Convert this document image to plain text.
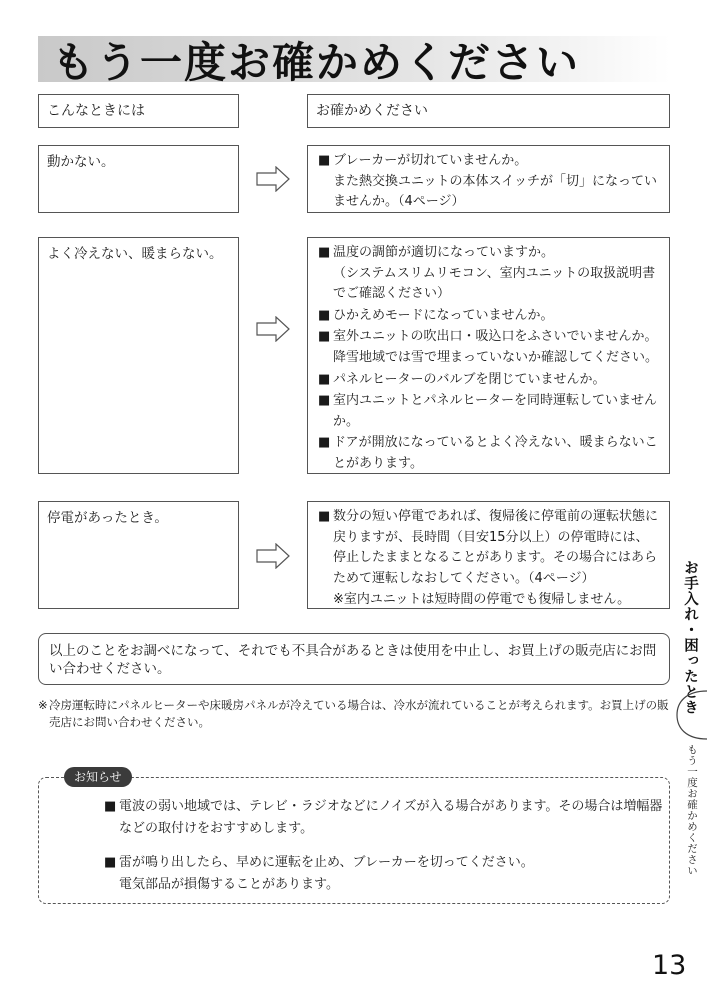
もう一度お確かめください
こんなときには	お確かめください
動かない。	■ ブレーカーが切れていませんか。
また熱交換ユニットの本体スイッチが「切」になっていませんか。（4ページ）
よく冷えない、暖まらない。	■ 温度の調節が適切になっていますか。
（システムスリムリモコン、室内ユニットの取扱説明書でご確認ください）
■ ひかえめモードになっていませんか。
■ 室外ユニットの吹出口・吸込口をふさいでいませんか。降雪地域では雪で埋まっていないか確認してください。
■ パネルヒーターのバルブを閉じていませんか。
■ 室内ユニットとパネルヒーターを同時運転していませんか。
■ ドアが開放になっているとよく冷えない、暖まらないことがあります。
停電があったとき。	■ 数分の短い停電であれば、復帰後に停電前の運転状態に戻りますが、長時間（目安15分以上）の停電時には、停止したままとなることがあります。その場合にはあらためて運転しなおしてください。（4ページ）
※室内ユニットは短時間の停電でも復帰しません。
以上のことをお調べになって、それでも不具合があるときは使用を中止し、お買上げの販売店にお問い合わせください。
※ 冷房運転時にパネルヒーターや床暖房パネルが冷えている場合は、冷水が流れていることが考えられます。お買上げの販売店にお問い合わせください。
お知らせ
■ 電波の弱い地域では、テレビ・ラジオなどにノイズが入る場合があります。その場合は増幅器などの取付けをおすすめします。
■ 雷が鳴り出したら、早めに運転を止め、ブレーカーを切ってください。
電気部品が損傷することがあります。
お手入れ・困ったとき
もう一度お確かめください
13
